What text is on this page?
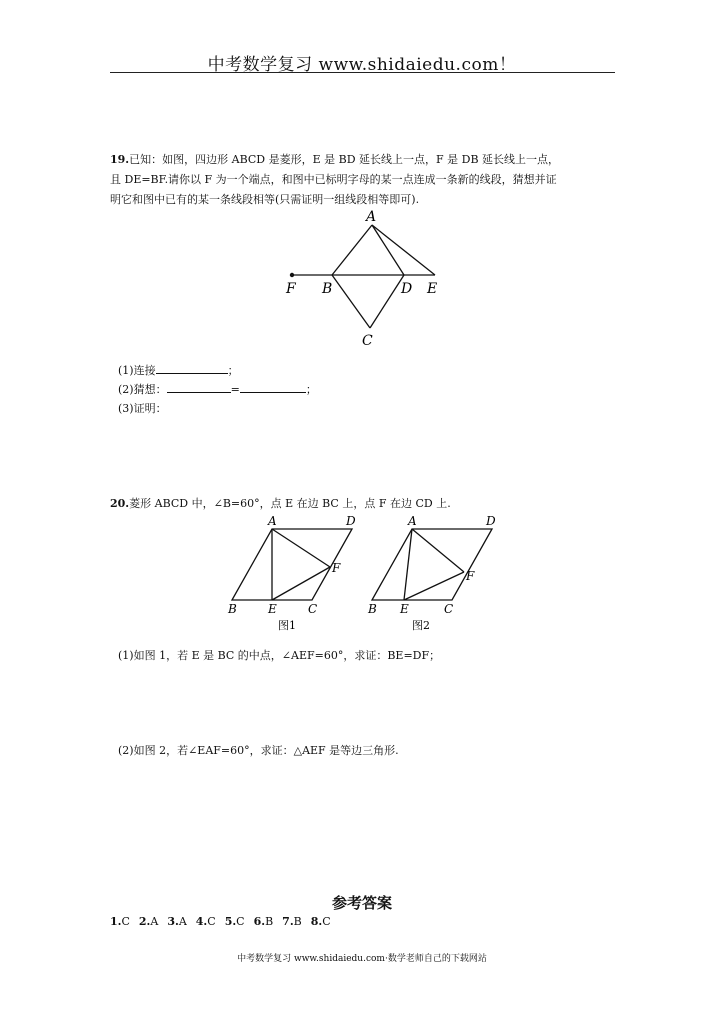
中考数学复习 www.shidaiedu.com！
19.已知：如图，四边形 ABCD 是菱形，E 是 BD 延长线上一点，F 是 DB 延长线上一点，
且 DE=BF.请你以 F 为一个端点，和图中已标明字母的某一点连成一条新的线段，猜想并证
明它和图中已有的某一条线段相等(只需证明一组线段相等即可).
A
F B	D E
C
(1)连接	；
(2)猜想：	=	；
(3)证明：
20.菱形 ABCD 中，∠B=60°，点 E 在边 BC 上，点 F 在边 CD 上.
A	D
F
B	E	C
图1
A	D
F
B E	C
图2
(1)如图 1，若 E 是 BC 的中点，∠AEF=60°，求证：BE=DF；
(2)如图 2，若∠EAF=60°，求证：△AEF 是等边三角形.
参考答案
1.C 2.A 3.A 4.C 5.C 6.B 7.B 8.C
中考数学复习 www.shidaiedu.com·数学老师自己的下载网站
